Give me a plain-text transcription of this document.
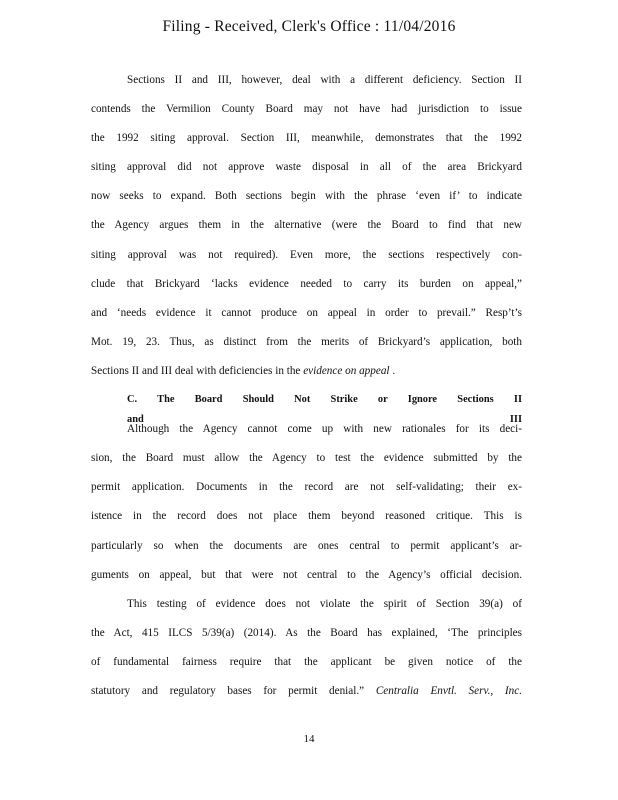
Filing - Received, Clerk's Office : 11/04/2016
Sections II and III, however, deal with a different deficiency. Section II
contends the Vermilion County Board may not have had jurisdiction to issue
the 1992 siting approval. Section III, meanwhile, demonstrates that the 1992
siting approval did not approve waste disposal in all of the area Brickyard
now seeks to expand. Both sections begin with the phrase ‘even if’ to indicate
the Agency argues them in the alternative (were the Board to find that new
siting approval was not required). Even more, the sections respectively con-
clude that Brickyard ‘lacks evidence needed to carry its burden on appeal,”
and ‘needs evidence it cannot produce on appeal in order to prevail.” Resp’t’s
Mot. 19, 23. Thus, as distinct from the merits of Brickyard’s application, both
Sections II and III deal with deficiencies in the evidence on appeal .
C. The Board Should Not Strike or Ignore Sections II and III
Although the Agency cannot come up with new rationales for its deci-
sion, the Board must allow the Agency to test the evidence submitted by the
permit application. Documents in the record are not self-validating; their ex-
istence in the record does not place them beyond reasoned critique. This is
particularly so when the documents are ones central to permit applicant’s ar-
guments on appeal, but that were not central to the Agency’s official decision.
This testing of evidence does not violate the spirit of Section 39(a) of
the Act, 415 ILCS 5/39(a) (2014). As the Board has explained, ‘The principles
of fundamental fairness require that the applicant be given notice of the
statutory and regulatory bases for permit denial.” Centralia Envtl. Serv., Inc.
14
